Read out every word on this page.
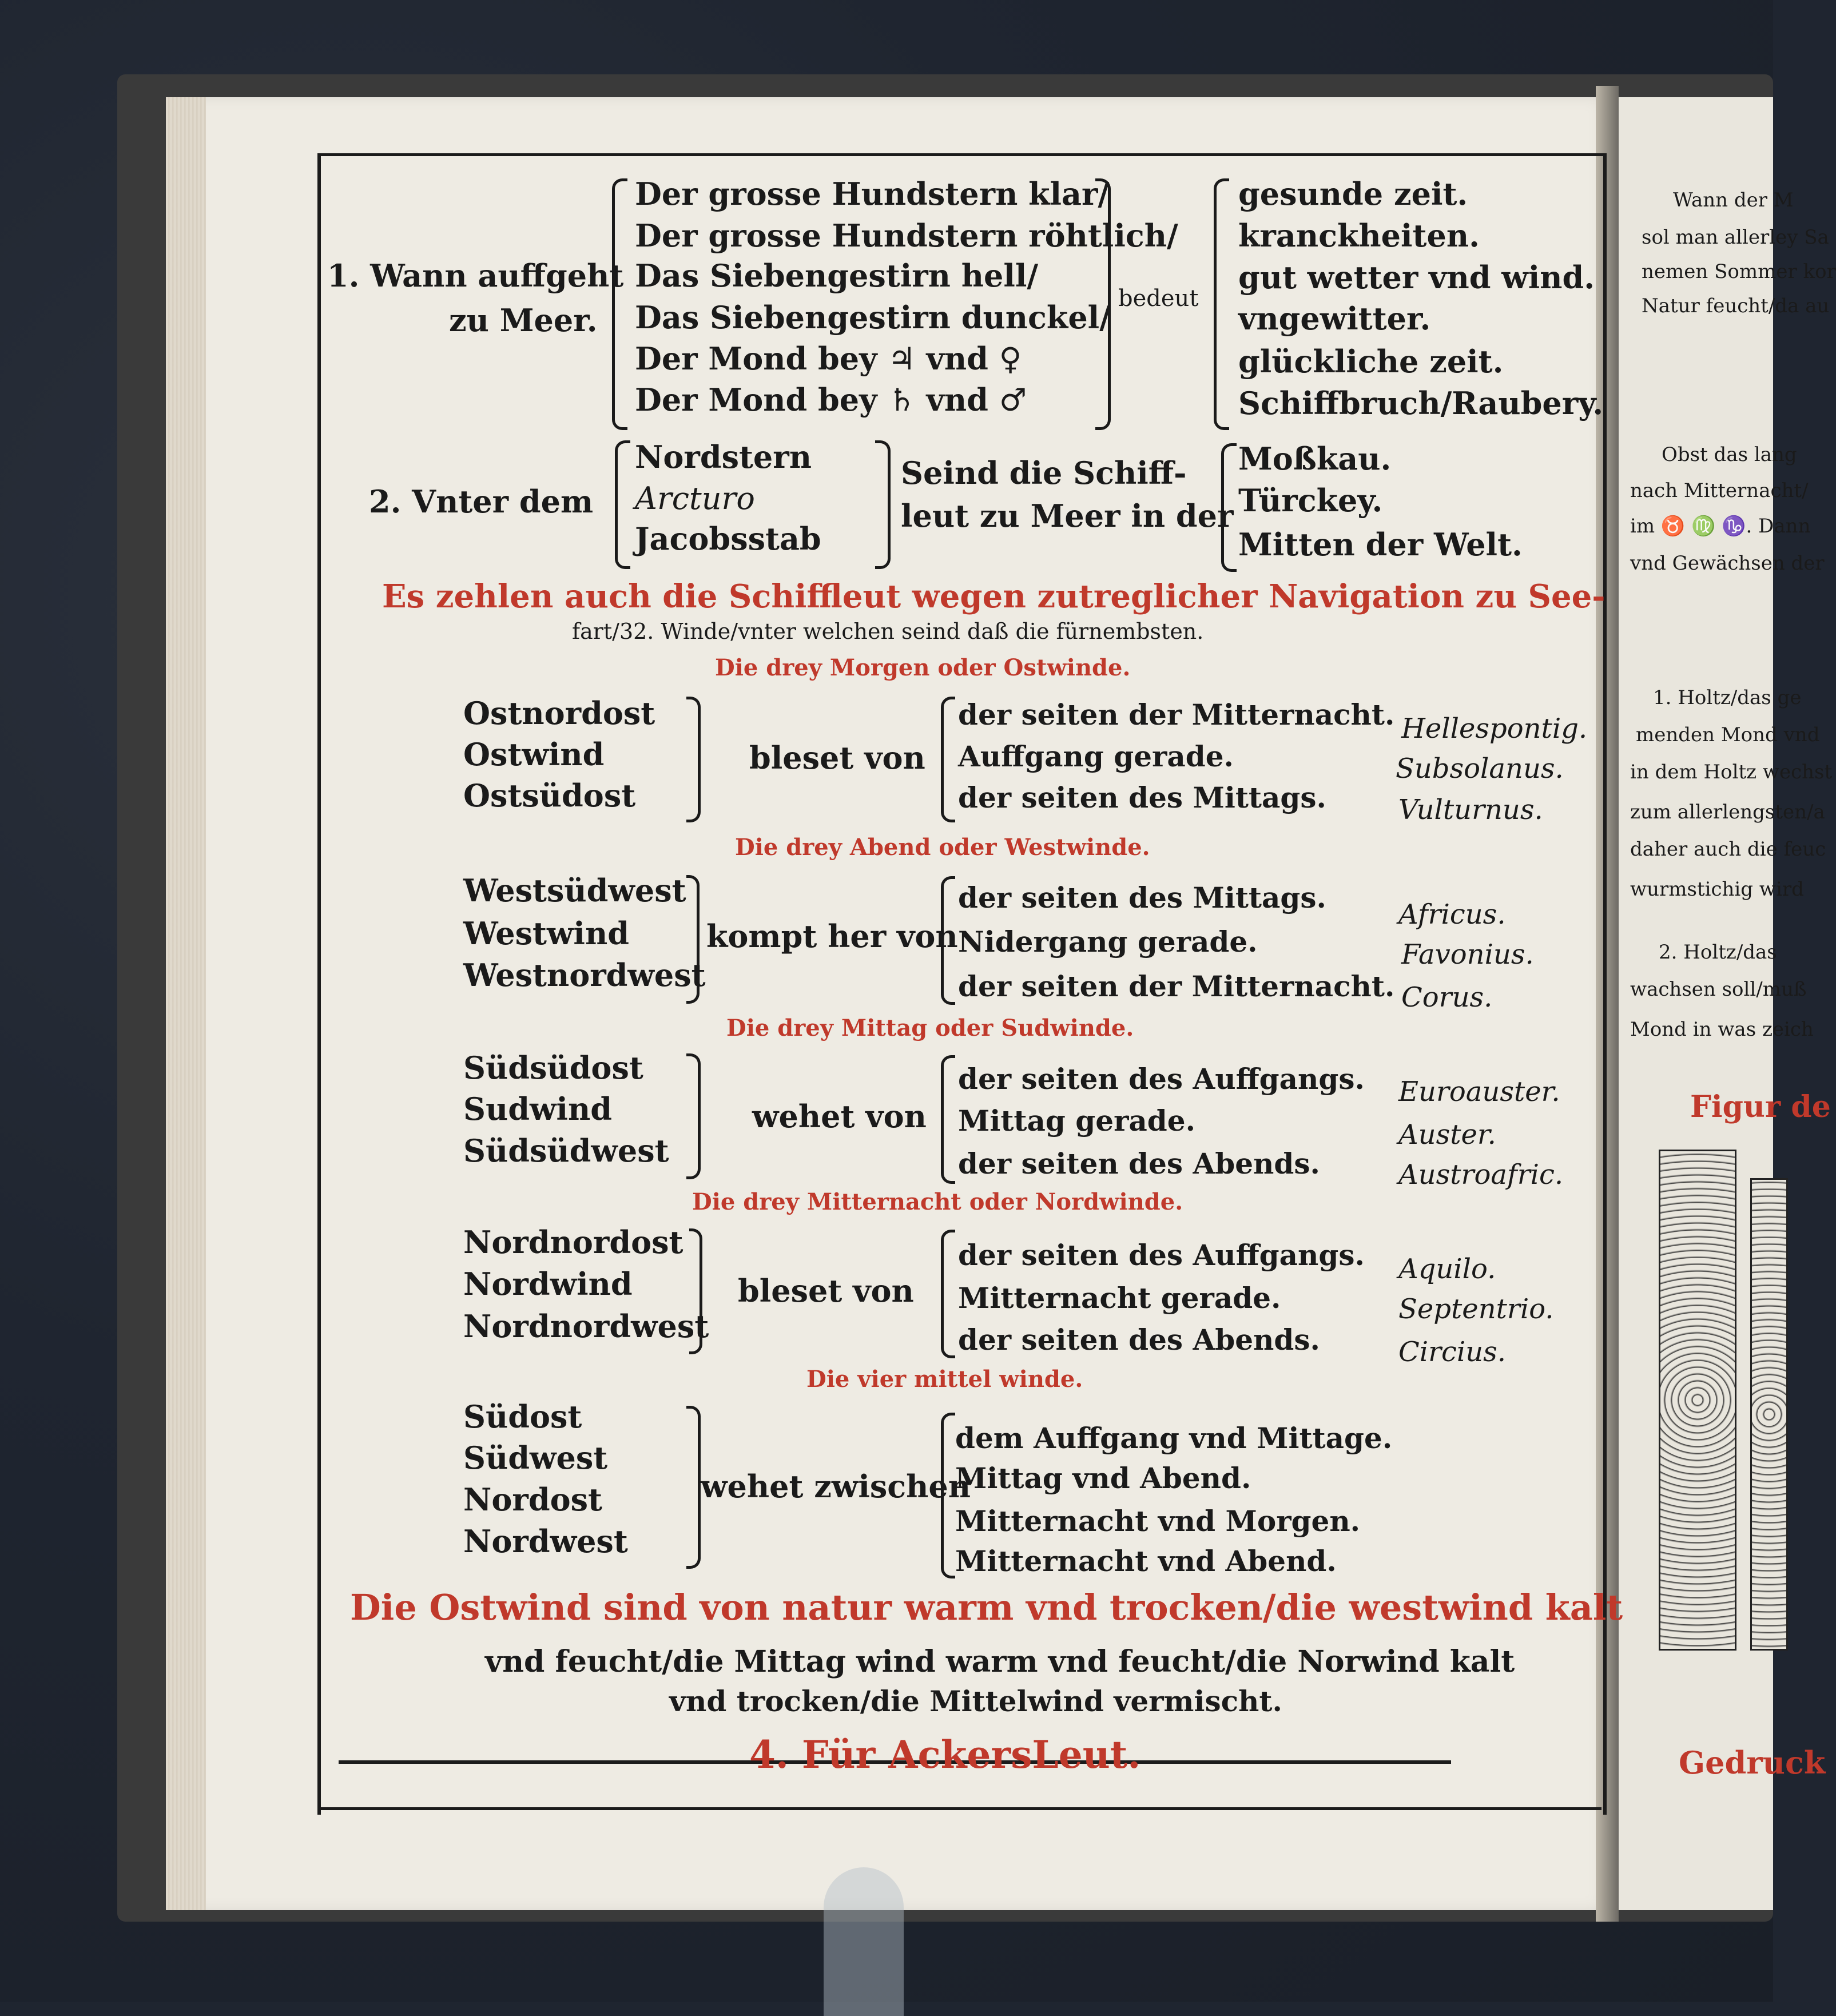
1. Wann auffgeht
zu Meer.
Der grosse Hundstern klar/
Der grosse Hundstern röhtlich/
Das Siebengestirn hell/
Das Siebengestirn dunckel/
Der Mond bey ♃ vnd ♀
Der Mond bey ♄ vnd ♂
bedeut
gesunde zeit.
kranckheiten.
gut wetter vnd wind.
vngewitter.
glückliche zeit.
Schiffbruch/Raubery.
2. Vnter dem
Nordstern
Arcturo
Jacobsstab
Seind die Schiff-
leut zu Meer in der
Moßkau.
Türckey.
Mitten der Welt.
Es zehlen auch die Schiffleut wegen zutreglicher Navigation zu See-
fart/32. Winde/vnter welchen seind daß die fürnembsten.
Die drey Morgen oder Ostwinde.
Ostnordost
Ostwind
Ostsüdost
bleset von
der seiten der Mitternacht.
Auffgang gerade.
der seiten des Mittags.
Hellespontig.
Subsolanus.
Vulturnus.
Die drey Abend oder Westwinde.
Westsüdwest
Westwind
Westnordwest
kompt her von
der seiten des Mittags.
Nidergang gerade.
der seiten der Mitternacht.
Africus.
Favonius.
Corus.
Die drey Mittag oder Sudwinde.
Südsüdost
Sudwind
Südsüdwest
wehet von
der seiten des Auffgangs.
Mittag gerade.
der seiten des Abends.
Euroauster.
Auster.
Austroafric.
Die drey Mitternacht oder Nordwinde.
Nordnordost
Nordwind
Nordnordwest
bleset von
der seiten des Auffgangs.
Mitternacht gerade.
der seiten des Abends.
Aquilo.
Septentrio.
Circius.
Die vier mittel winde.
Südost
Südwest
Nordost
Nordwest
wehet zwischen
dem Auffgang vnd Mittage.
Mittag vnd Abend.
Mitternacht vnd Morgen.
Mitternacht vnd Abend.
Die Ostwind sind von natur warm vnd trocken/die westwind kalt
vnd feucht/die Mittag wind warm vnd feucht/die Norwind kalt
vnd trocken/die Mittelwind vermischt.
4. Für AckersLeut.
Wann der M
sol man allerley Sa
nemen Sommer kor
Natur feucht/da au
Obst das lang
nach Mitternacht/
im ♉ ♍ ♑. Dann
vnd Gewächsen der
1. Holtz/das ge
menden Mond vnd
in dem Holtz wechst
zum allerlengsten/a
daher auch die feuc
wurmstichig wird
2. Holtz/das
wachsen soll/muß
Mond in was zeich
Figur de
Gedruck
